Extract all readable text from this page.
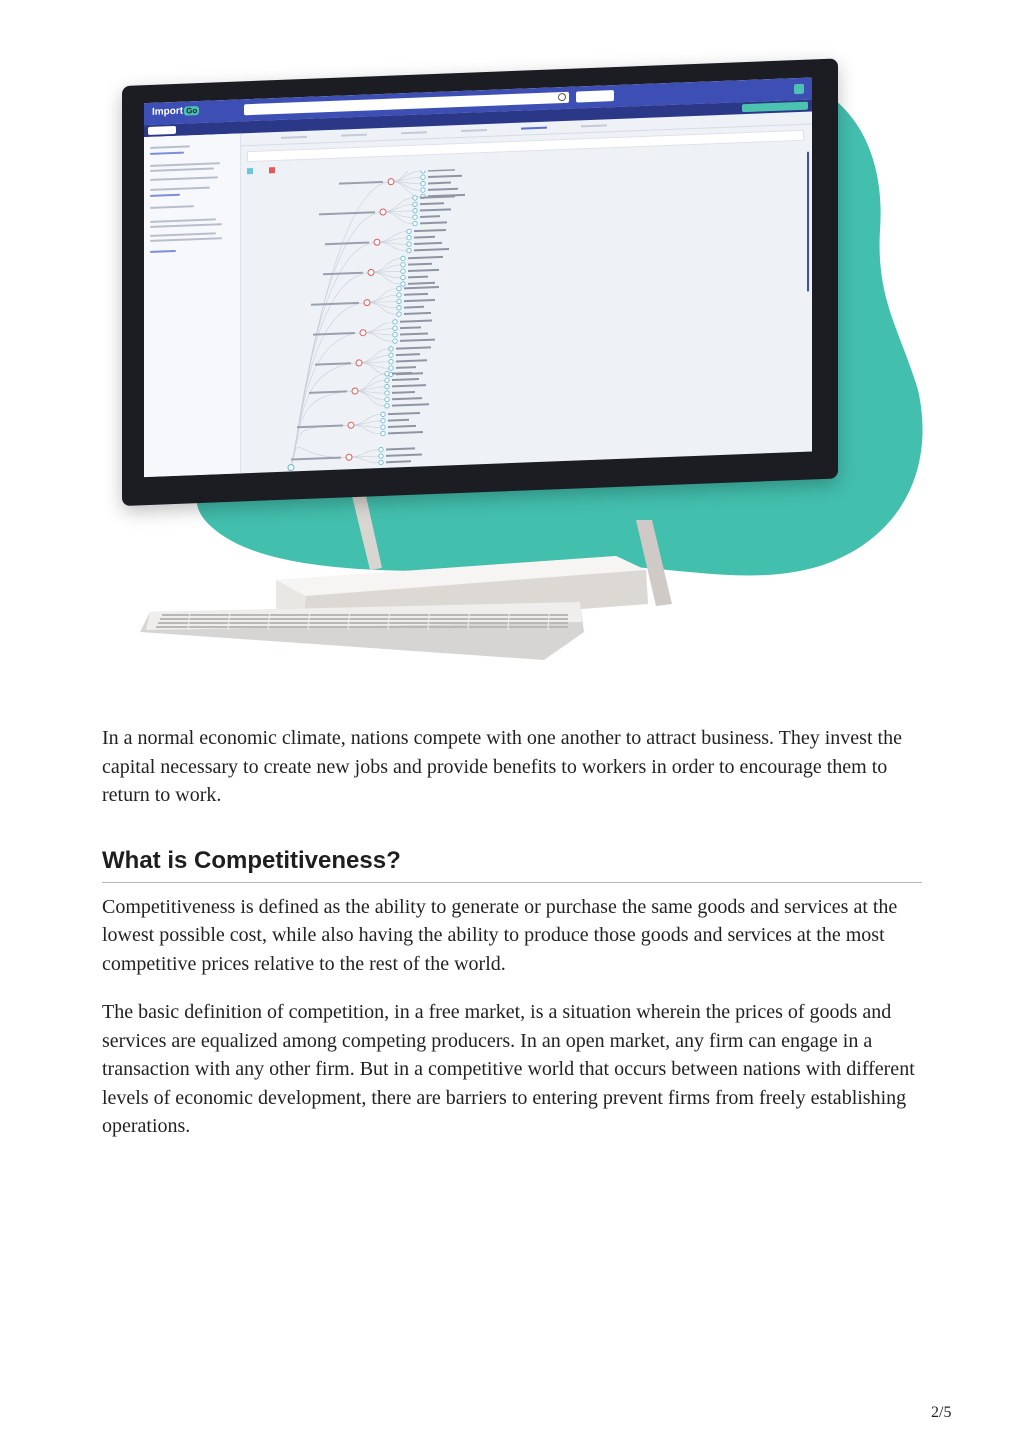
Import Go

In a normal economic climate, nations compete with one another to attract business. They invest the capital necessary to create new jobs and provide benefits to workers in order to encourage them to return to work.

What is Competitiveness?

Competitiveness is defined as the ability to generate or purchase the same goods and services at the lowest possible cost, while also having the ability to produce those goods and services at the most competitive prices relative to the rest of the world.

The basic definition of competition, in a free market, is a situation wherein the prices of goods and services are equalized among competing producers. In an open market, any firm can engage in a transaction with any other firm. But in a competitive world that occurs between nations with different levels of economic development, there are barriers to entering prevent firms from freely establishing operations.

2/5
